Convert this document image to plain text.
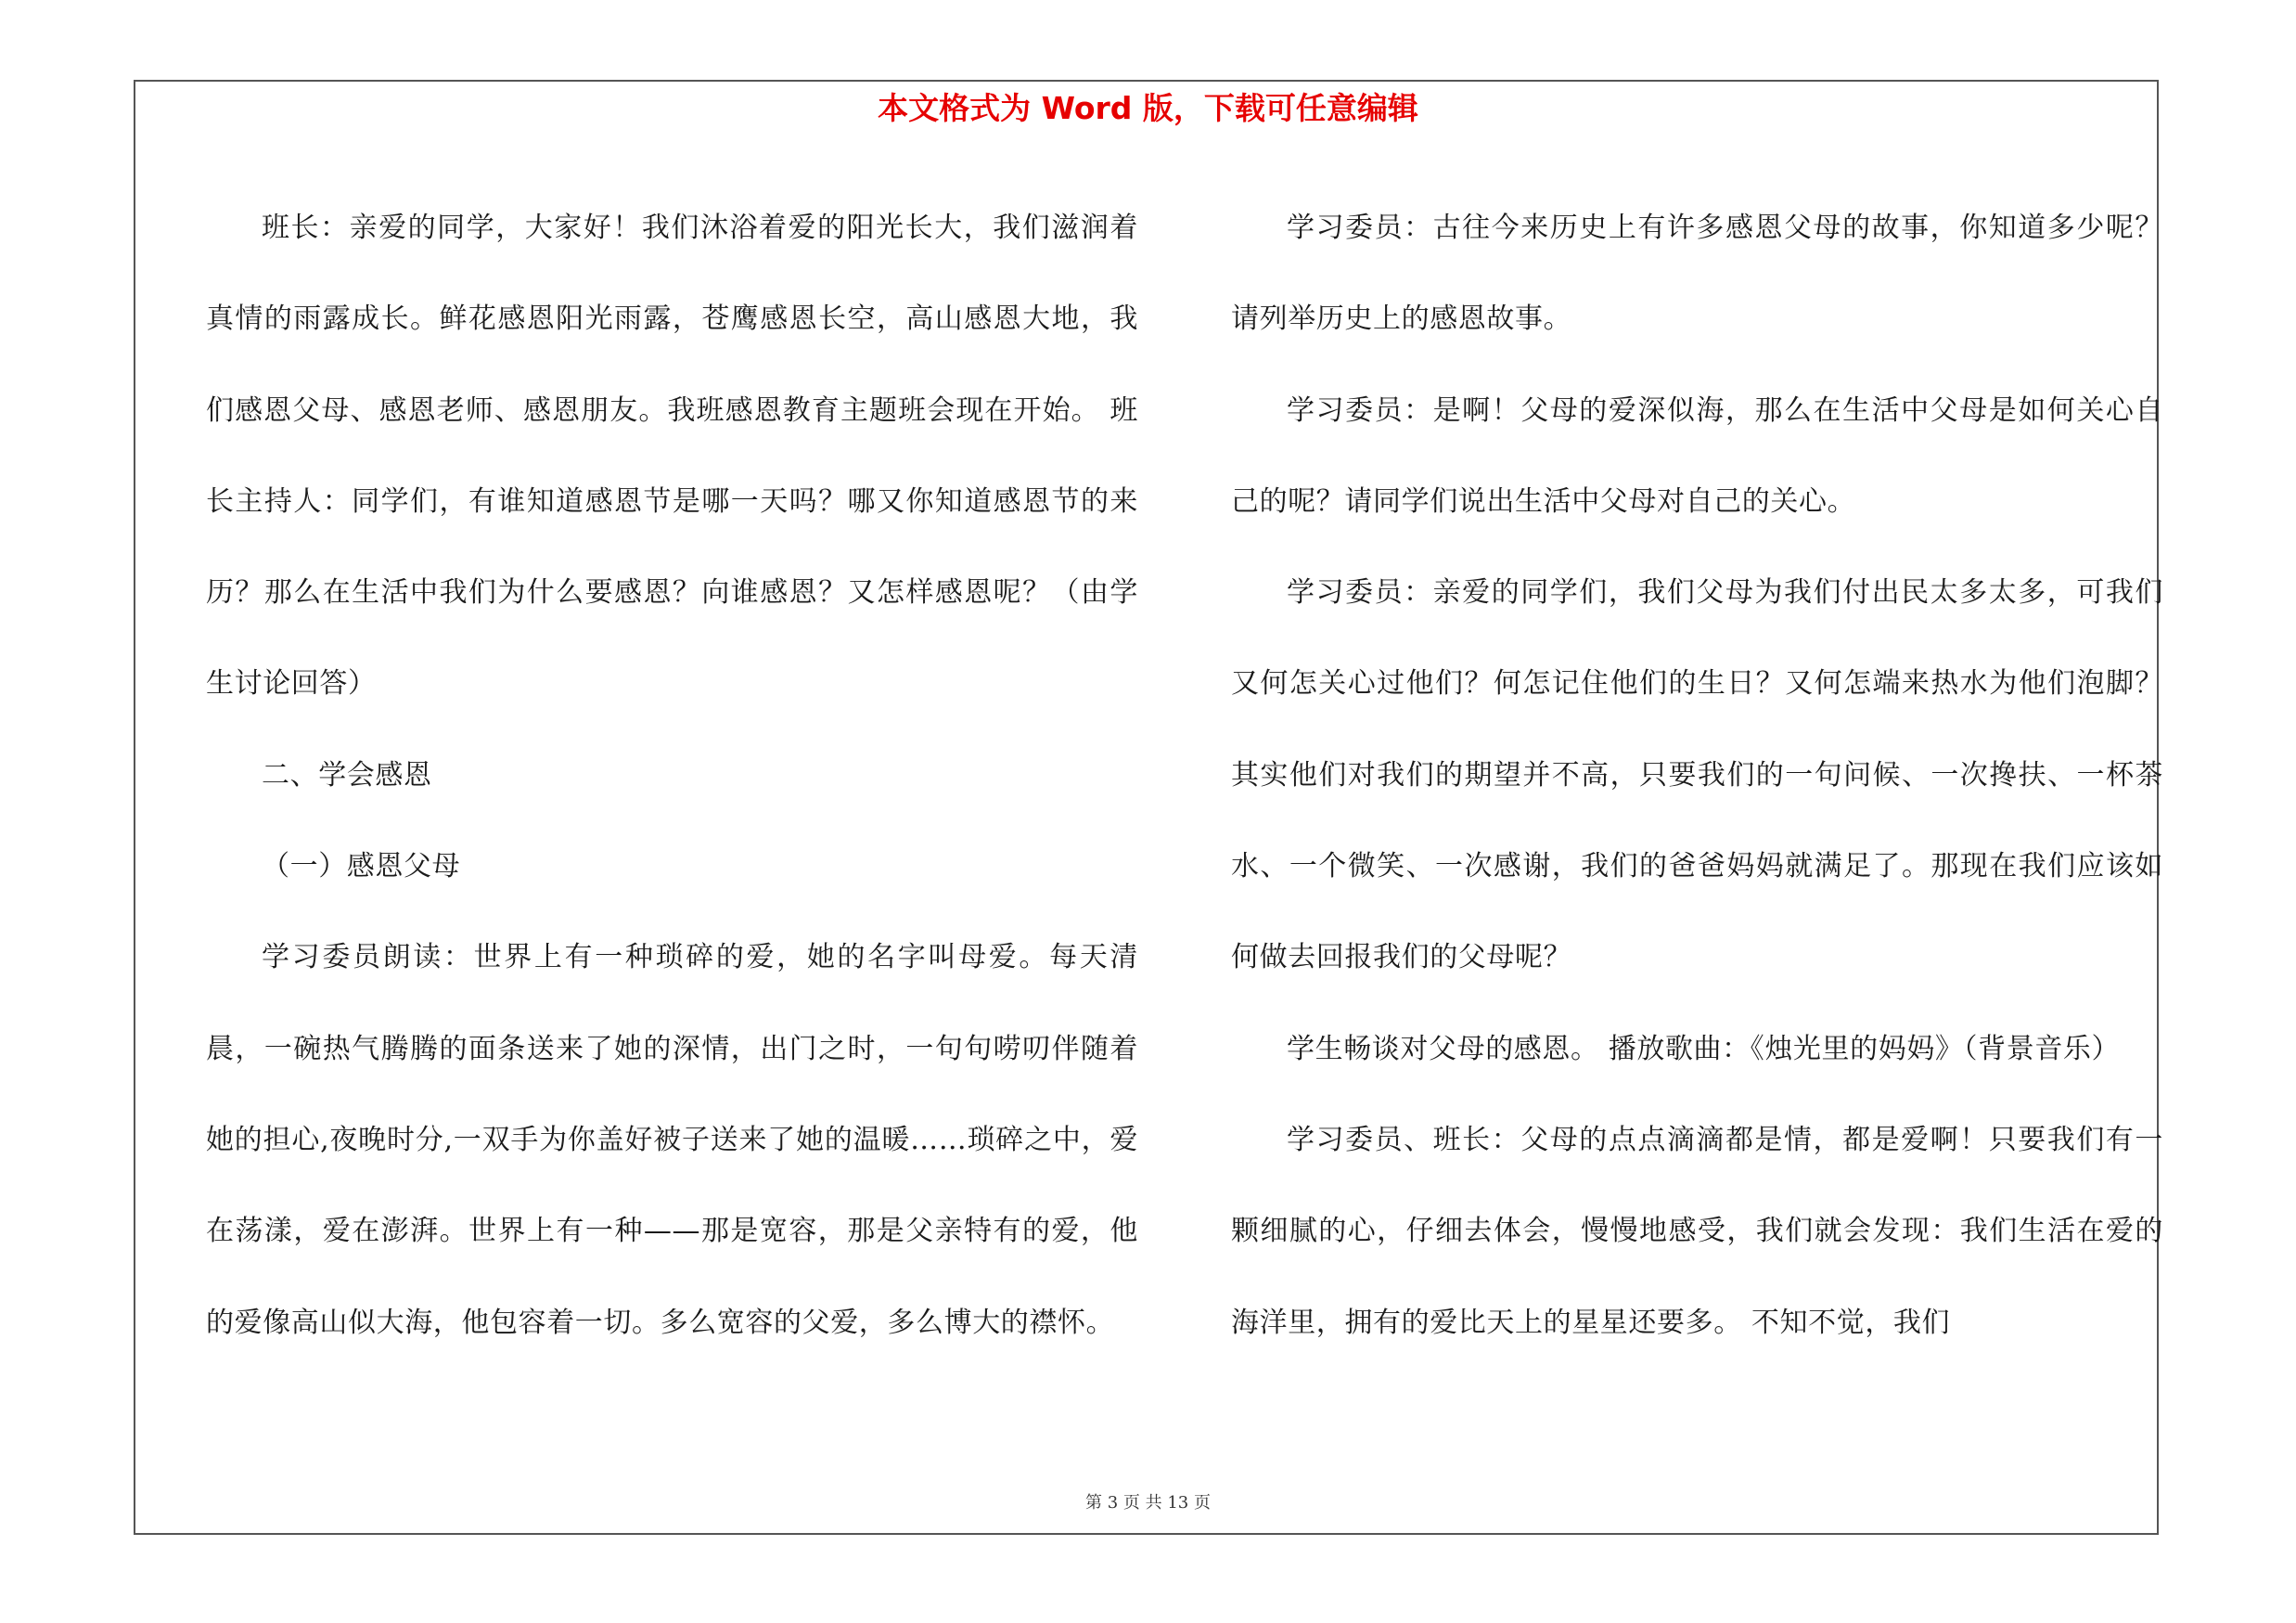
本文格式为 Word 版，下载可任意编辑

班长：亲爱的同学，大家好！我们沐浴着爱的阳光长大，我们滋润着真情的雨露成长。鲜花感恩阳光雨露，苍鹰感恩长空，高山感恩大地，我们感恩父母、感恩老师、感恩朋友。我班感恩教育主题班会现在开始。 班长主持人：同学们，有谁知道感恩节是哪一天吗？哪又你知道感恩节的来历？那么在生活中我们为什么要感恩？向谁感恩？又怎样感恩呢？（由学生讨论回答）

二、学会感恩

（一）感恩父母

学习委员朗读：世界上有一种琐碎的爱，她的名字叫母爱。每天清晨，一碗热气腾腾的面条送来了她的深情，出门之时，一句句唠叨伴随着她的担心,夜晚时分,一双手为你盖好被子送来了她的温暖……琐碎之中，爱在荡漾，爱在澎湃。世界上有一种——那是宽容，那是父亲特有的爱，他的爱像高山似大海，他包容着一切。多么宽容的父爱，多么博大的襟怀。

学习委员：古往今来历史上有许多感恩父母的故事，你知道多少呢？请列举历史上的感恩故事。

学习委员：是啊！父母的爱深似海，那么在生活中父母是如何关心自己的呢？请同学们说出生活中父母对自己的关心。

学习委员：亲爱的同学们，我们父母为我们付出民太多太多，可我们又何怎关心过他们？何怎记住他们的生日？又何怎端来热水为他们泡脚？其实他们对我们的期望并不高，只要我们的一句问候、一次搀扶、一杯茶水、一个微笑、一次感谢，我们的爸爸妈妈就满足了。那现在我们应该如何做去回报我们的父母呢？

学生畅谈对父母的感恩。 播放歌曲：《烛光里的妈妈》（背景音乐）

学习委员、班长：父母的点点滴滴都是情，都是爱啊！只要我们有一颗细腻的心，仔细去体会，慢慢地感受，我们就会发现：我们生活在爱的海洋里，拥有的爱比天上的星星还要多。 不知不觉，我们

第 3 页 共 13 页
